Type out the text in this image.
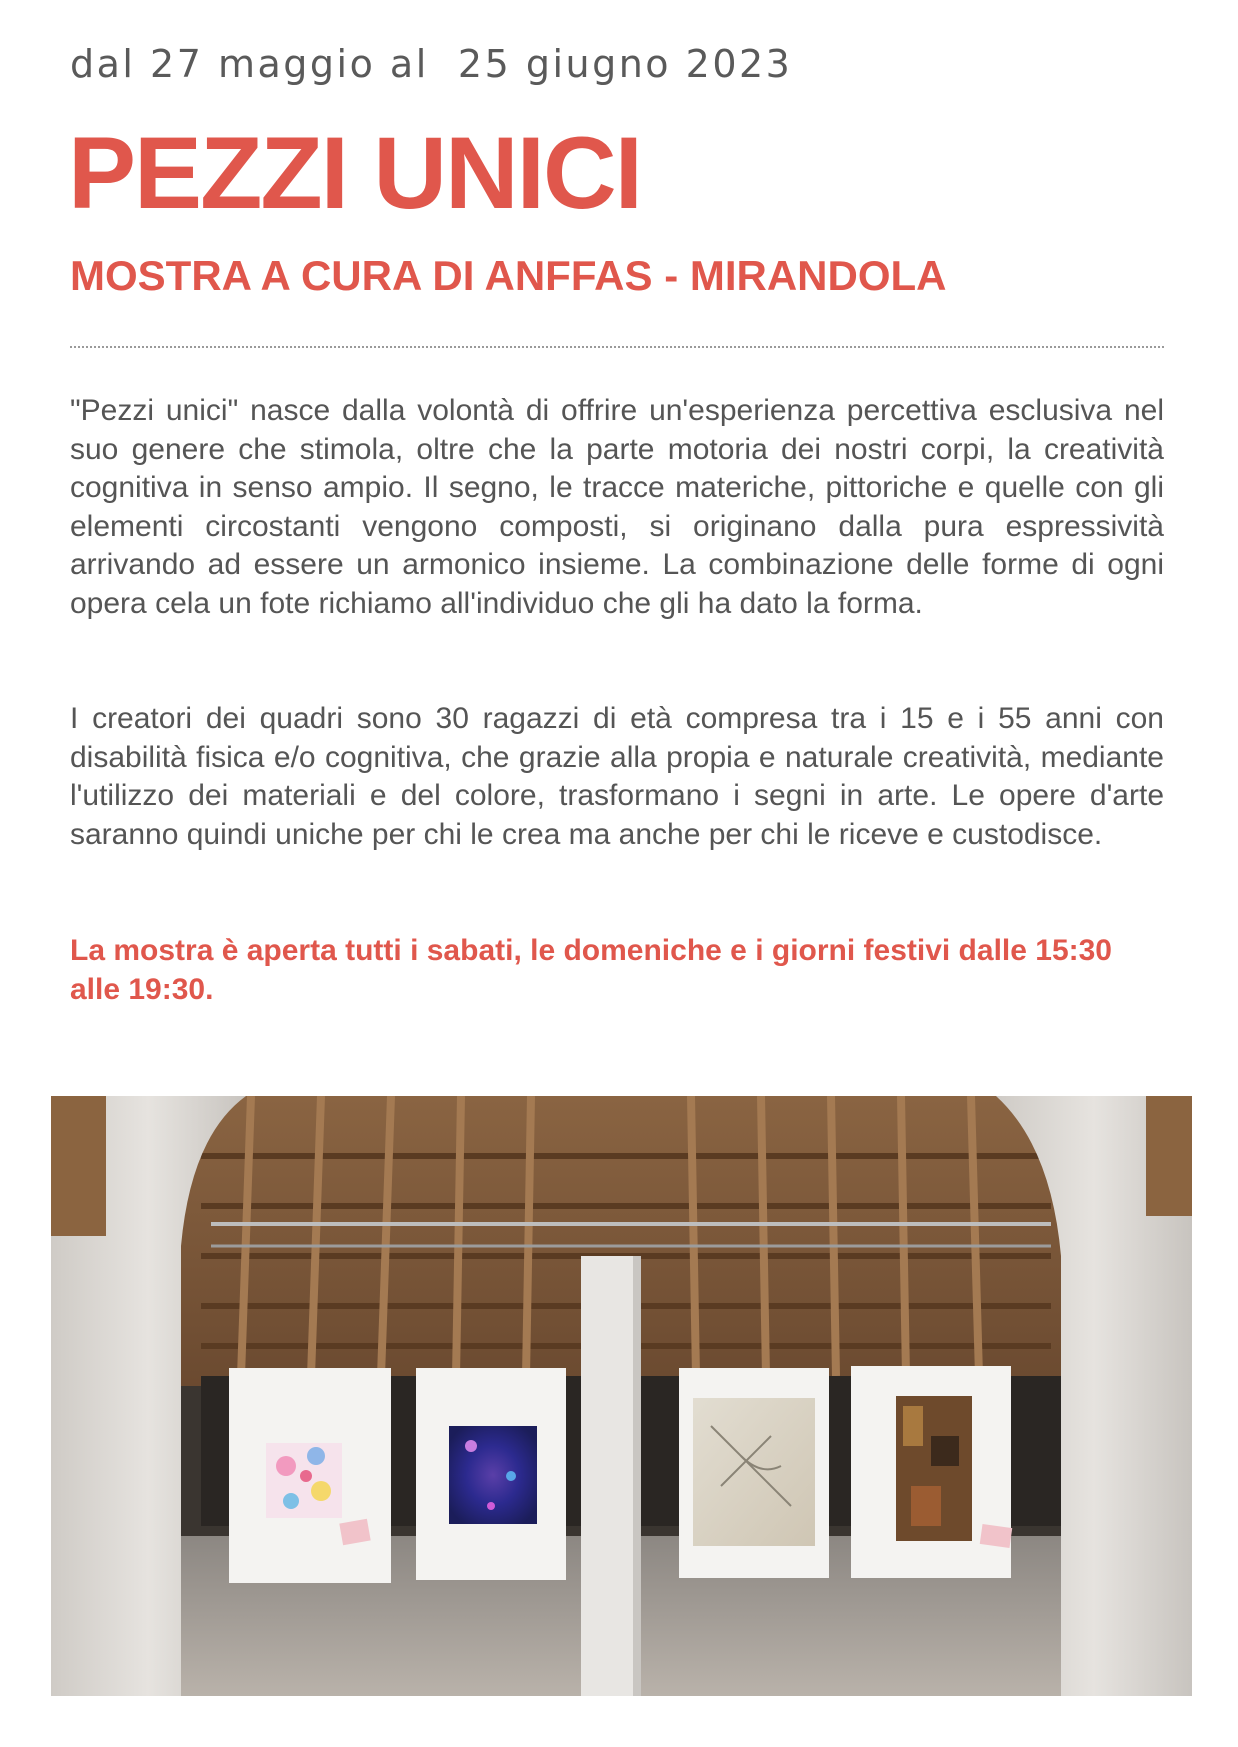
dal 27 maggio al  25 giugno 2023
PEZZI UNICI
MOSTRA A CURA DI ANFFAS - MIRANDOLA

"Pezzi unici" nasce dalla volontà di offrire un'esperienza percettiva esclusiva nel suo genere che stimola, oltre che la parte motoria dei nostri corpi, la creatività cognitiva in senso ampio. Il segno, le tracce materiche, pittoriche e quelle con gli elementi circostanti vengono composti, si originano dalla pura espressività arrivando ad essere un armonico insieme. La combinazione delle forme di ogni opera cela un fote richiamo all'individuo che gli ha dato la forma.

I creatori dei quadri sono 30 ragazzi di età compresa tra i 15 e i 55 anni con disabilità fisica e/o cognitiva, che grazie alla propia e naturale creatività, mediante l'utilizzo dei materiali e del colore, trasformano i segni in arte. Le opere d'arte saranno quindi uniche per chi le crea ma anche per chi le riceve e custodisce.

La mostra è aperta tutti i sabati, le domeniche e i giorni festivi dalle 15:30 alle 19:30.
